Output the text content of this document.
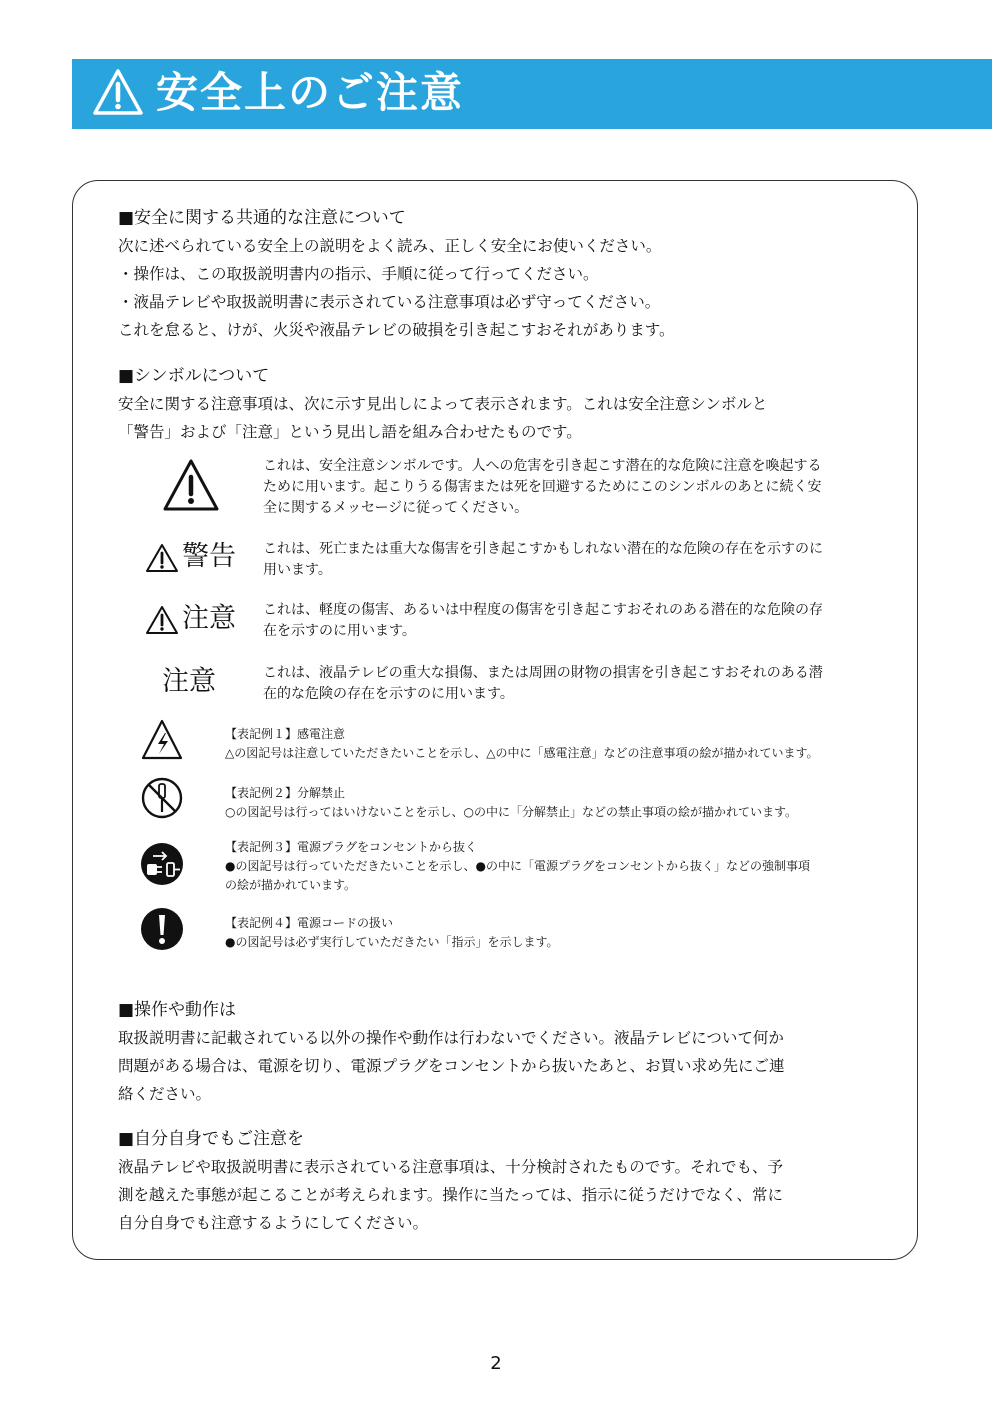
安全上のご注意
■安全に関する共通的な注意について
次に述べられている安全上の説明をよく読み、正しく安全にお使いください。
・操作は、この取扱説明書内の指示、手順に従って行ってください。
・液晶テレビや取扱説明書に表示されている注意事項は必ず守ってください。
これを怠ると、けが、火災や液晶テレビの破損を引き起こすおそれがあります。
■シンボルについて
安全に関する注意事項は、次に示す見出しによって表示されます。これは安全注意シンボルと
「警告」および「注意」という見出し語を組み合わせたものです。
これは、安全注意シンボルです。人への危害を引き起こす潜在的な危険に注意を喚起する
ために用います。起こりうる傷害または死を回避するためにこのシンボルのあとに続く安
全に関するメッセージに従ってください。
警告 これは、死亡または重大な傷害を引き起こすかもしれない潜在的な危険の存在を示すのに
用います。
注意 これは、軽度の傷害、あるいは中程度の傷害を引き起こすおそれのある潜在的な危険の存
在を示すのに用います。
注意	これは、液晶テレビの重大な損傷、または周囲の財物の損害を引き起こすおそれのある潜
在的な危険の存在を示すのに用います。
【表記例１】感電注意
△の図記号は注意していただきたいことを示し、△の中に「感電注意」などの注意事項の絵が描かれています。
【表記例２】分解禁止
○の図記号は行ってはいけないことを示し、○の中に「分解禁止」などの禁止事項の絵が描かれています。
【表記例３】電源プラグをコンセントから抜く
●の図記号は行っていただきたいことを示し、●の中に「電源プラグをコンセントから抜く」などの強制事項
の絵が描かれています。
【表記例４】電源コードの扱い
●の図記号は必ず実行していただきたい「指示」を示します。
■操作や動作は
取扱説明書に記載されている以外の操作や動作は行わないでください。液晶テレビについて何か
問題がある場合は、電源を切り、電源プラグをコンセントから抜いたあと、お買い求め先にご連
絡ください。
■自分自身でもご注意を
液晶テレビや取扱説明書に表示されている注意事項は、十分検討されたものです。それでも、予
測を越えた事態が起こることが考えられます。操作に当たっては、指示に従うだけでなく、常に
自分自身でも注意するようにしてください。
2
